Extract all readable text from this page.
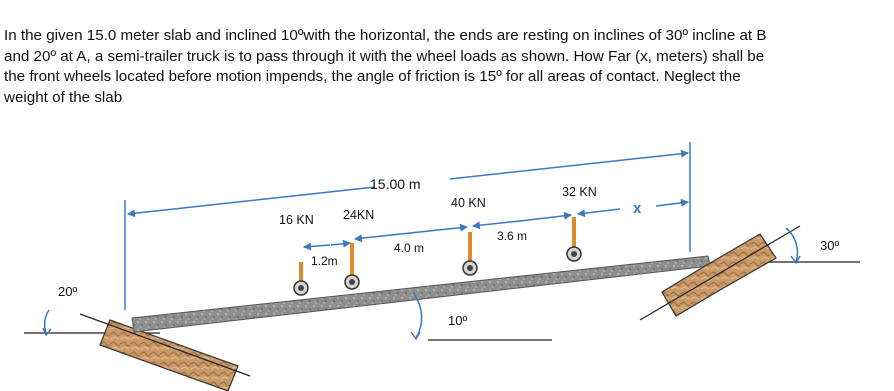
In the given 15.0 meter slab and inclined 10ºwith the horizontal, the ends are resting on inclines of 30º incline at B
and 20º at A, a semi-trailer truck is to pass through it with the wheel loads as shown. How Far (x, meters) shall be
the front wheels located before motion impends, the angle of friction is 15º for all areas of contact. Neglect the
weight of the slab
20º
30º
10º
15.00 m
16 KN 24KN
40 KN
32 KN
1.2m
4.0 m
3.6 m
x
